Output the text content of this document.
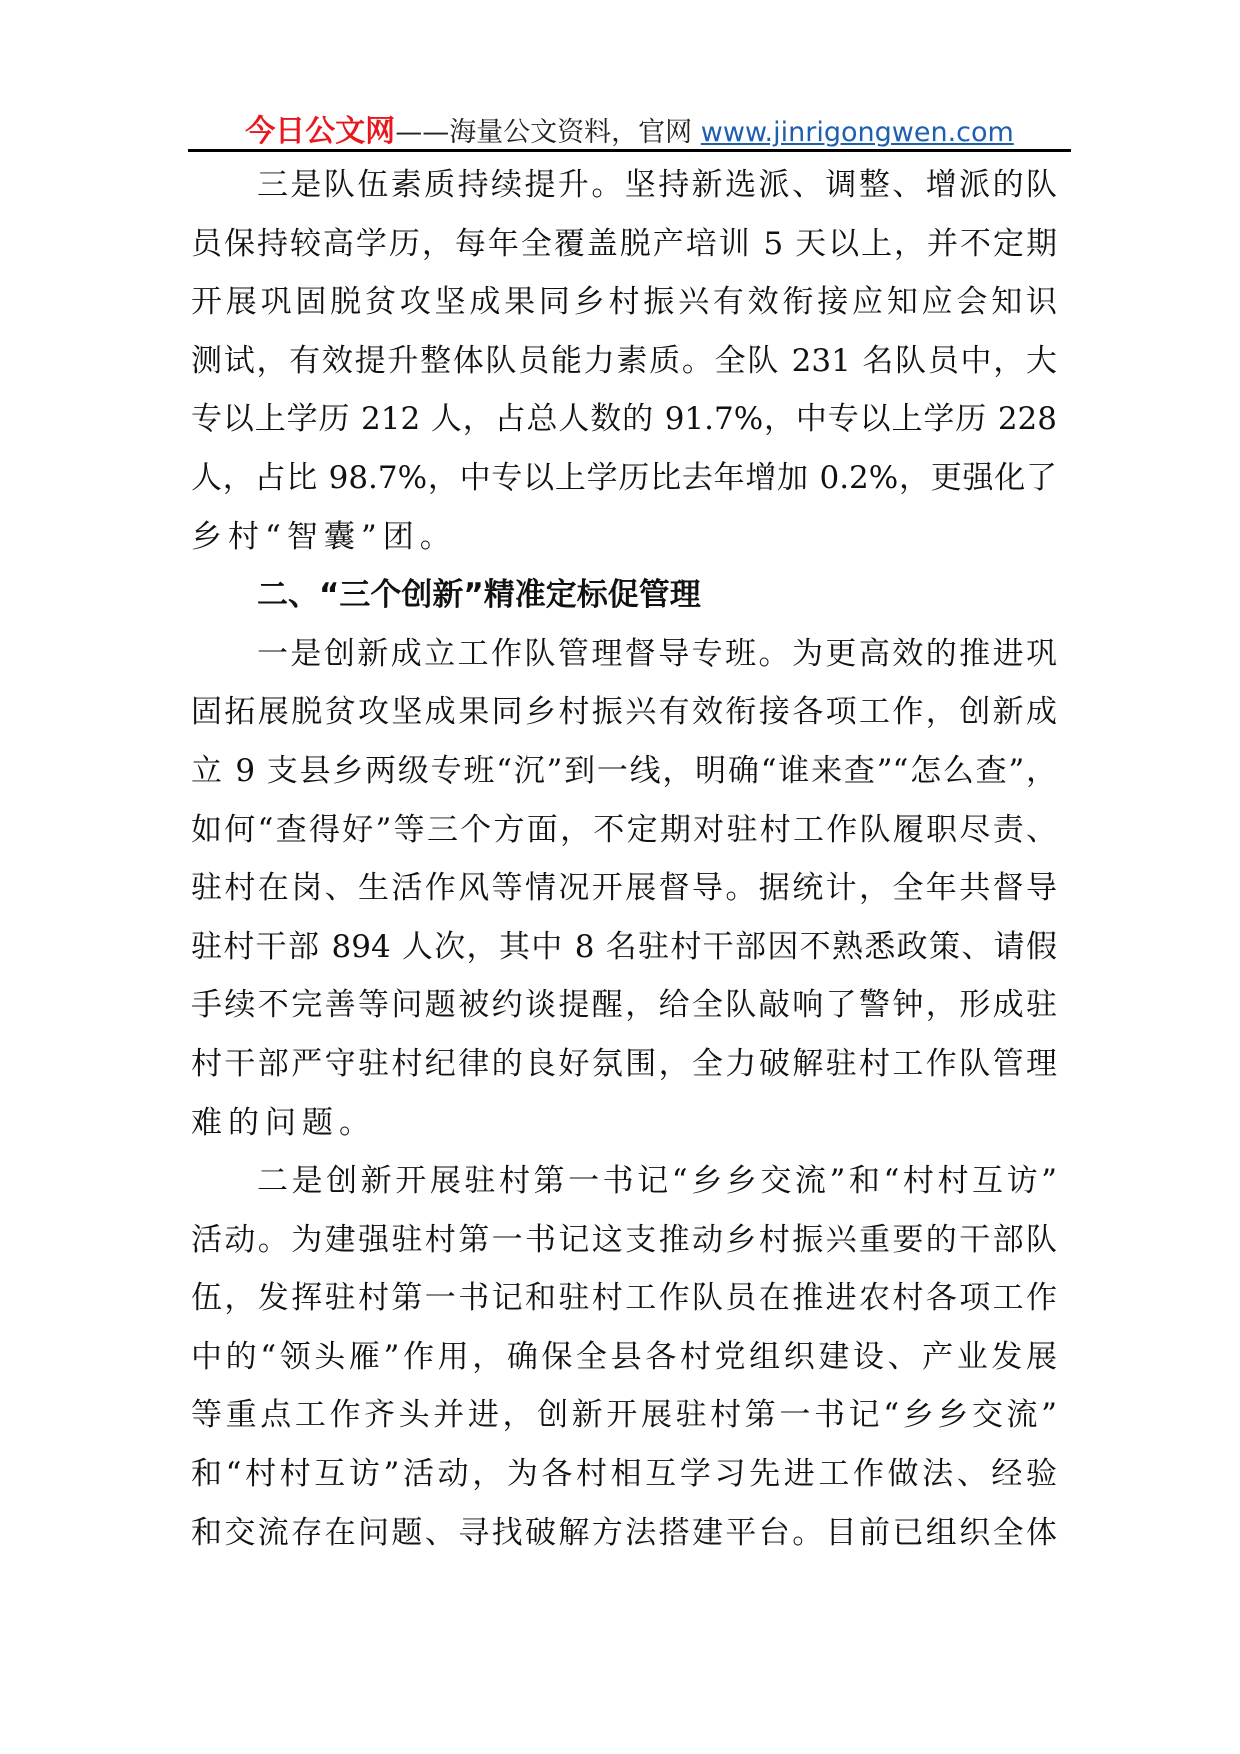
今日公文网——海量公文资料，官网 www.jinrigongwen.com
三是队伍素质持续提升。坚持新选派、调整、增派的队
员保持较高学历，每年全覆盖脱产培训 5 天以上，并不定期
开展巩固脱贫攻坚成果同乡村振兴有效衔接应知应会知识
测试，有效提升整体队员能力素质。全队 231 名队员中，大
专以上学历 212 人，占总人数的 91.7%，中专以上学历 228
人，占比 98.7%，中专以上学历比去年增加 0.2%，更强化了
乡村“智囊”团。
二、“三个创新”精准定标促管理
一是创新成立工作队管理督导专班。为更高效的推进巩
固拓展脱贫攻坚成果同乡村振兴有效衔接各项工作，创新成
立 9 支县乡两级专班“沉”到一线，明确“谁来查”“怎么查”，
如何“查得好”等三个方面，不定期对驻村工作队履职尽责、
驻村在岗、生活作风等情况开展督导。据统计，全年共督导
驻村干部 894 人次，其中 8 名驻村干部因不熟悉政策、请假
手续不完善等问题被约谈提醒，给全队敲响了警钟，形成驻
村干部严守驻村纪律的良好氛围，全力破解驻村工作队管理
难的问题。
二是创新开展驻村第一书记“乡乡交流”和“村村互访”
活动。为建强驻村第一书记这支推动乡村振兴重要的干部队
伍，发挥驻村第一书记和驻村工作队员在推进农村各项工作
中的“领头雁”作用，确保全县各村党组织建设、产业发展
等重点工作齐头并进，创新开展驻村第一书记“乡乡交流”
和“村村互访”活动，为各村相互学习先进工作做法、经验
和交流存在问题、寻找破解方法搭建平台。目前已组织全体
